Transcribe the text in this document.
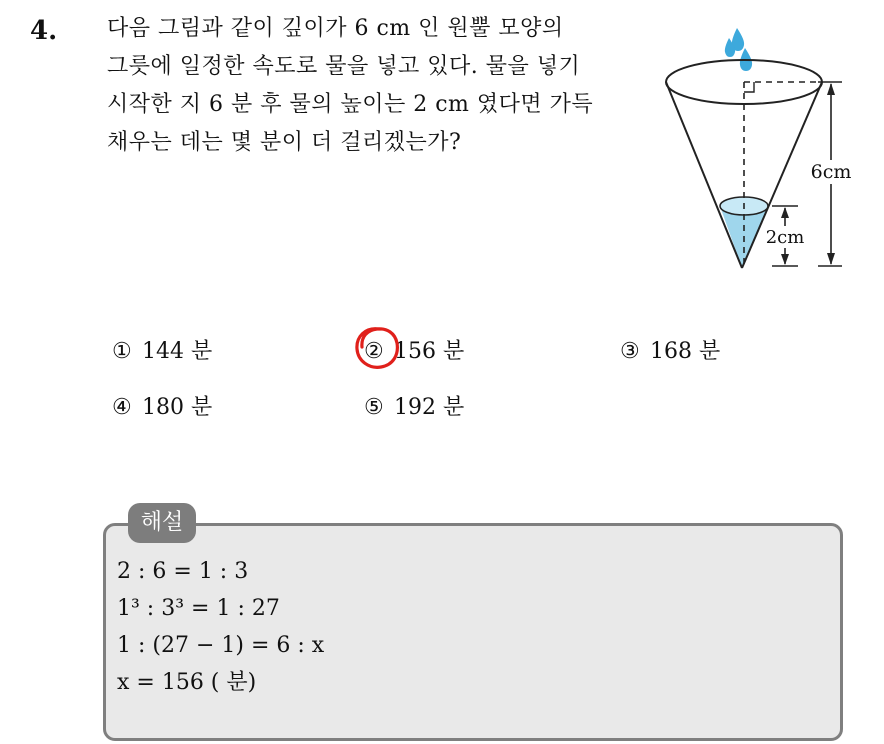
4. 다음 그림과 같이 깊이가 6 cm 인 원뿔 모양의
그릇에 일정한 속도로 물을 넣고 있다. 물을 넣기
시작한 지 6 분 후 물의 높이는 2 cm 였다면 가득
채우는 데는 몇 분이 더 걸리겠는가?

2cm
6cm
① 144 분	② 156 분	③ 168 분
④ 180 분	⑤ 192 분
해설
2 : 6 = 1 : 3
1³ : 3³ = 1 : 27
1 : (27 − 1) = 6 : x
x = 156 ( 분)
